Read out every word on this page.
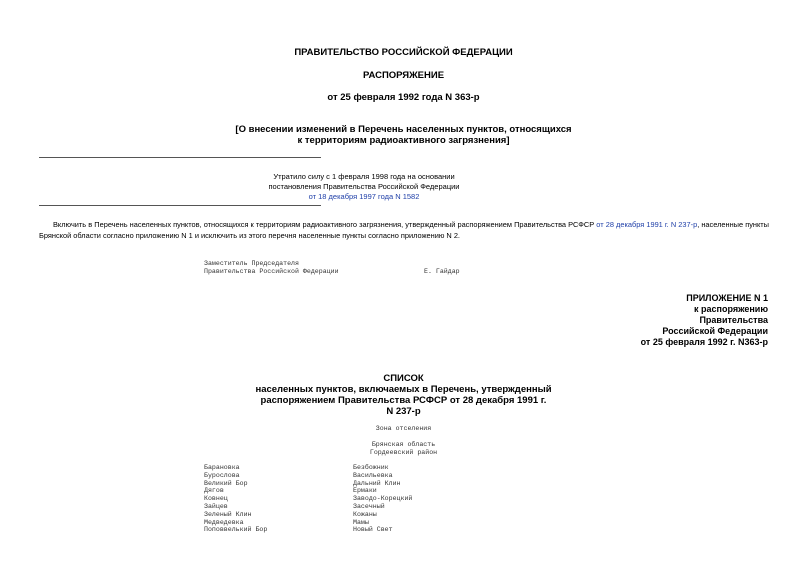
ПРАВИТЕЛЬСТВО РОССИЙСКОЙ ФЕДЕРАЦИИ
РАСПОРЯЖЕНИЕ
от 25 февраля 1992 года N 363-р
[О внесении изменений в Перечень населенных пунктов, относящихся
к территориям радиоактивного загрязнения]
Утратило силу с 1 февраля 1998 года на основании
постановления Правительства Российской Федерации
от 18 декабря 1997 года N 1582
Включить в Перечень населенных пунктов, относящихся к территориям радиоактивного загрязнения, утвержденный распоряжением Правительства РСФСР от 28 декабря 1991 г. N 237-р, населенные пункты Брянской области согласно приложению N 1 и исключить из этого перечня населенные пункты согласно приложению N 2.
Заместитель Председателя
Правительства Российской Федерации	Е. Гайдар
ПРИЛОЖЕНИЕ N 1
к распоряжению
Правительства
Российской Федерации
от 25 февраля 1992 г. N363-р
СПИСОК
населенных пунктов, включаемых в Перечень, утвержденный
распоряжением Правительства РСФСР от 28 декабря 1991 г.
N 237-р
Зона отселения
Брянская область
Гордеевский район
Барановка
Бурослова
Великий Бор
Дягов
Ковнец
Зайцев
Зеленый Клин
Медведевка
Поповвелький Бор
Безбожник
Васильевка
Дальний Клин
Ермаки
Заводо-Корецкий
Засечный
Кожаны
Мамы
Новый Свет
